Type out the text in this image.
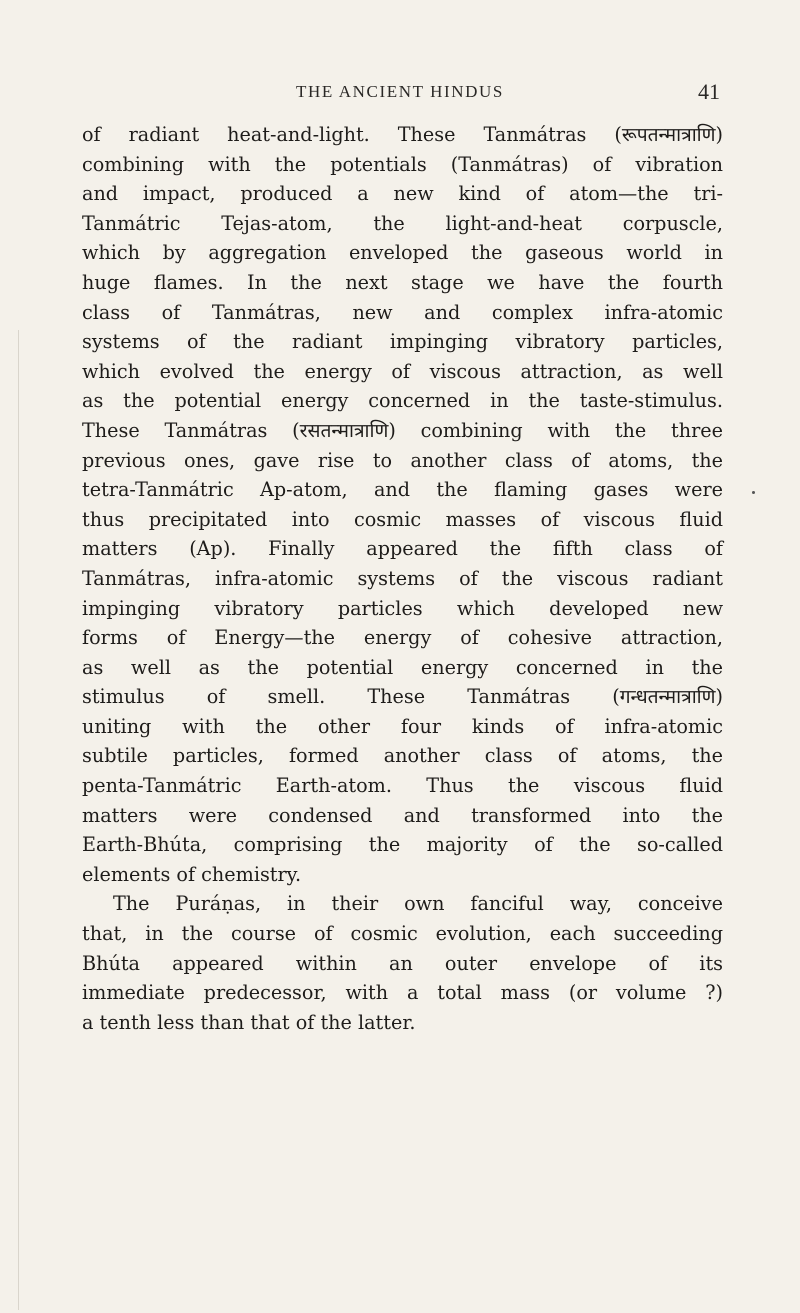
THE ANCIENT HINDUS	41
of radiant heat-and-light. These Tanmátras (रूपतन्मात्राणि)
combining with the potentials (Tanmátras) of vibration
and impact, produced a new kind of atom—the tri-
Tanmátric Tejas-atom, the light-and-heat corpuscle,
which by aggregation enveloped the gaseous world in
huge flames. In the next stage we have the fourth
class of Tanmátras, new and complex infra-atomic
systems of the radiant impinging vibratory particles,
which evolved the energy of viscous attraction, as well
as the potential energy concerned in the taste-stimulus.
These Tanmátras (रसतन्मात्राणि) combining with the three
previous ones, gave rise to another class of atoms, the
tetra-Tanmátric Ap-atom, and the flaming gases were
thus precipitated into cosmic masses of viscous fluid
matters (Ap). Finally appeared the fifth class of
Tanmátras, infra-atomic systems of the viscous radiant
impinging vibratory particles which developed new
forms of Energy—the energy of cohesive attraction,
as well as the potential energy concerned in the
stimulus of smell. These Tanmátras (गन्धतन्मात्राणि)
uniting with the other four kinds of infra-atomic
subtile particles, formed another class of atoms, the
penta-Tanmátric Earth-atom. Thus the viscous fluid
matters were condensed and transformed into the
Earth-Bhúta, comprising the majority of the so-called
elements of chemistry.
The Puráṇas, in their own fanciful way, conceive
that, in the course of cosmic evolution, each succeeding
Bhúta appeared within an outer envelope of its
immediate predecessor, with a total mass (or volume ?)
a tenth less than that of the latter.
